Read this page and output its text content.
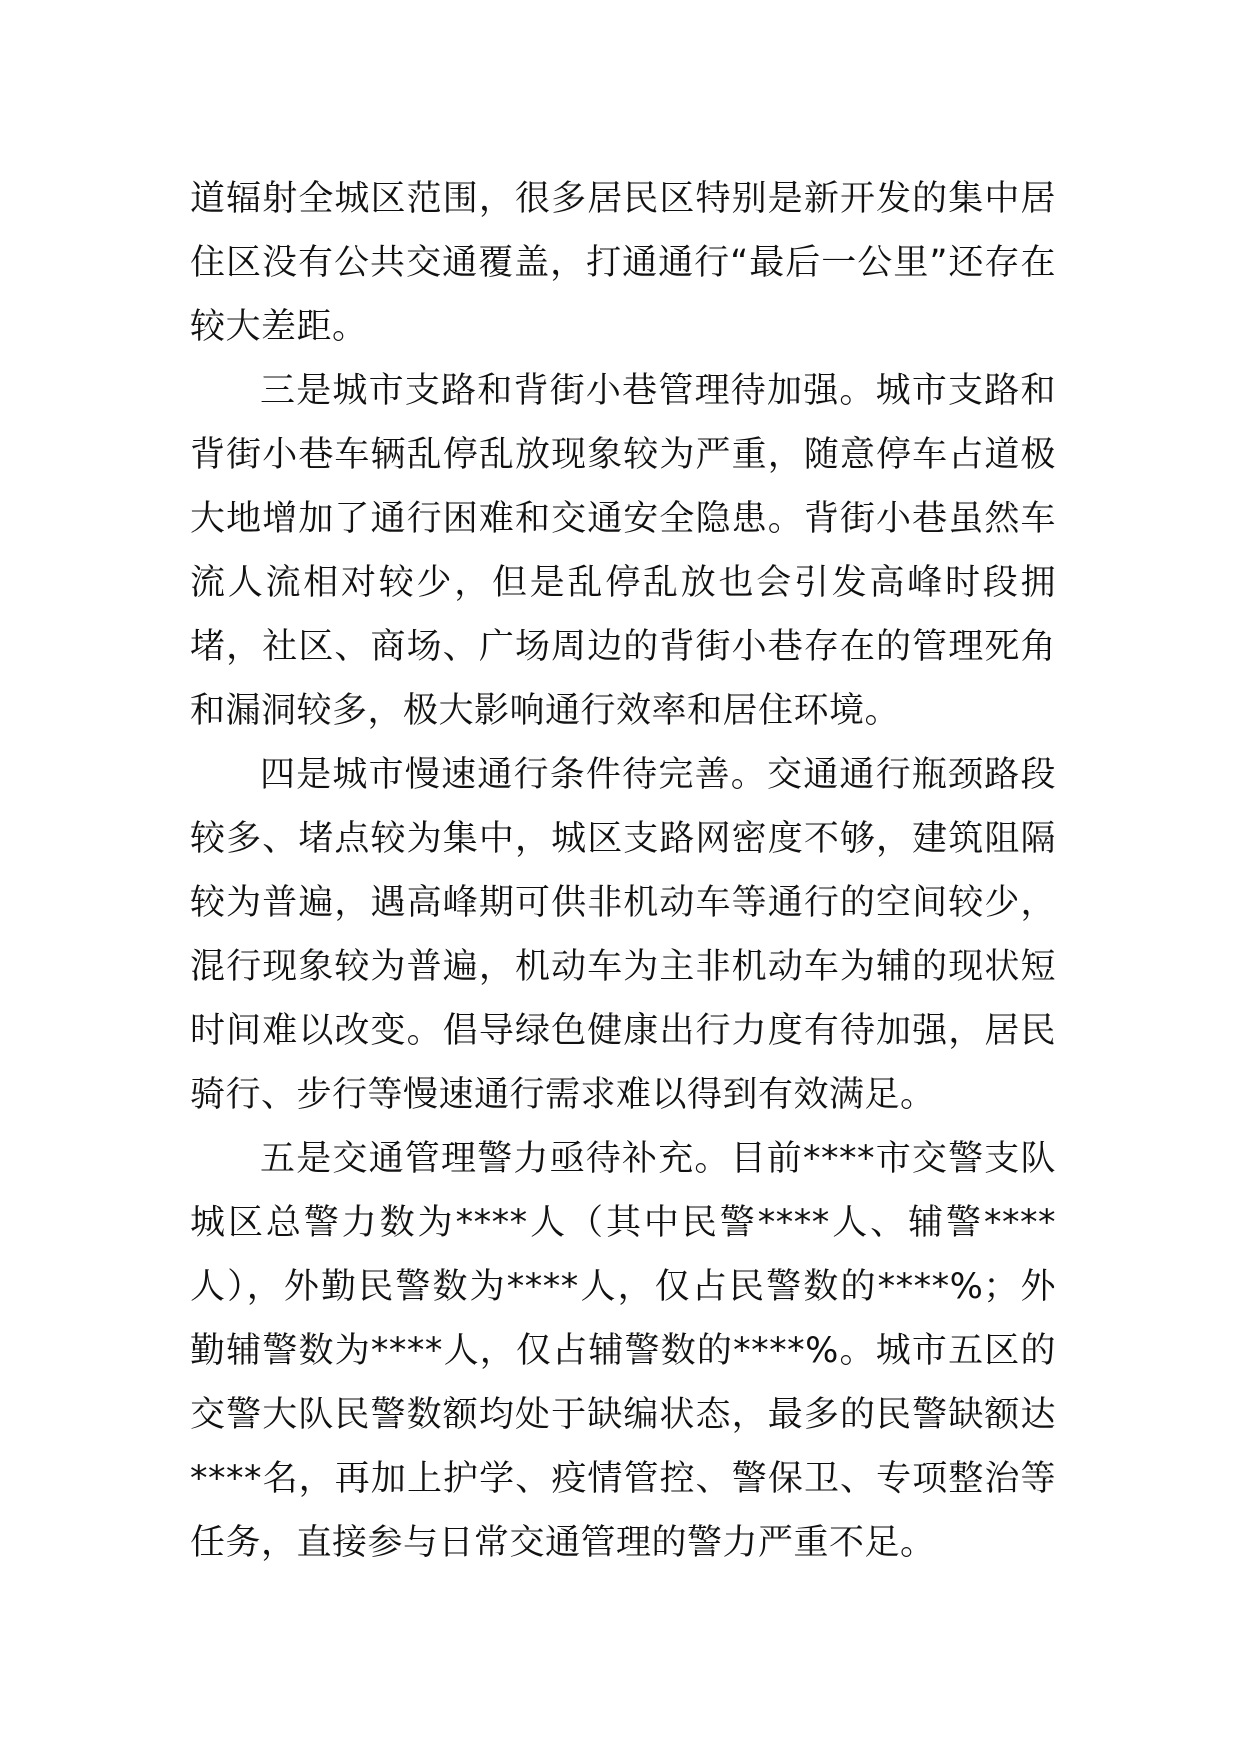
道辐射全城区范围，很多居民区特别是新开发的集中居住区没有公共交通覆盖，打通通行“最后一公里”还存在较大差距。

三是城市支路和背街小巷管理待加强。城市支路和背街小巷车辆乱停乱放现象较为严重，随意停车占道极大地增加了通行困难和交通安全隐患。背街小巷虽然车流人流相对较少，但是乱停乱放也会引发高峰时段拥堵，社区、商场、广场周边的背街小巷存在的管理死角和漏洞较多，极大影响通行效率和居住环境。

四是城市慢速通行条件待完善。交通通行瓶颈路段较多、堵点较为集中，城区支路网密度不够，建筑阻隔较为普遍，遇高峰期可供非机动车等通行的空间较少，混行现象较为普遍，机动车为主非机动车为辅的现状短时间难以改变。倡导绿色健康出行力度有待加强，居民骑行、步行等慢速通行需求难以得到有效满足。

五是交通管理警力亟待补充。目前****市交警支队城区总警力数为****人（其中民警****人、辅警****人），外勤民警数为****人，仅占民警数的****%；外勤辅警数为****人，仅占辅警数的****%。城市五区的交警大队民警数额均处于缺编状态，最多的民警缺额达****名，再加上护学、疫情管控、警保卫、专项整治等任务，直接参与日常交通管理的警力严重不足。
